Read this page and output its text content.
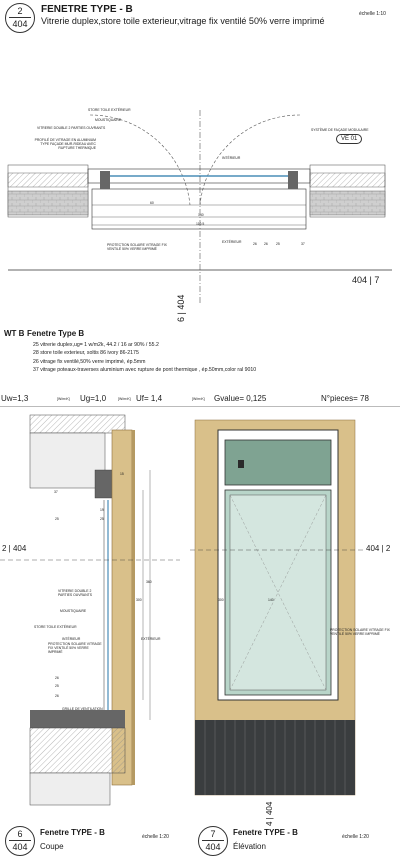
2
404
FENETRE TYPE - B
Vitrerie duplex,store toile exterieur,vitrage fix ventilé 50% verre imprimé
échelle 1:10
STORE TOILE EXTÉRIEUR
MOUSTIQUAIRE
VITRERIE DOUBLE 2 PARTIES OUVRANTS
PROFILÉ DE VITRAGE EN ALUMINIUM TYPE FAÇADE MUR-RIDEAU AVEC RUPTURE THERMIQUE
SYSTÈME DE FAÇADE MODULAIRE
VE 01
PROTECTION SOLAIRE VITRAGE FIX VENTILÉ 50% VERRE IMPRIMÉ
INTÉRIEUR
EXTÉRIEUR
60
140
110.5
26 26 25	37
404 | 7
6 | 404
WT B Fenetre Type B
25 vitrerie duplex,ug= 1 w/m2k, 44.2 / 16 ar 90% / 55.2
28 store toile exterieur, soltis 86 ivory 86-2175
26 vitrage fix ventilé,50% verre imprimé, ép.5mm
37 vitrage poteaux-traverses aluminium avec rupture de pont thermique , ép.50mm,color ral 9010
Uw=1,3	[W/m²K] Ug=1,0	[W/m²K] Uf= 1,4	[W/m²K] Gvalue= 0,125	N°pieces= 78
2 | 404
VITRERIE DOUBLE 2 PARTIES OUVRANTS
MOUSTIQUAIRE
STORE TOILE EXTÉRIEUR
PROTECTION SOLAIRE VITRAGE FIX VENTILÉ 50% VERRE IMPRIMÉ
GRILLE DE VENTILATION
15
37
19
25
25
360
300
26
25
26
INTÉRIEUR	EXTÉRIEUR
300	140
PROTECTION SOLAIRE VITRAGE FIX VENTILÉ 50% VERRE IMPRIMÉ
404 | 2
4 | 404
6
404
Fenetre TYPE - B	échelle 1:20
Coupe
7
404
Fenetre TYPE - B	échelle 1:20
Élévation
